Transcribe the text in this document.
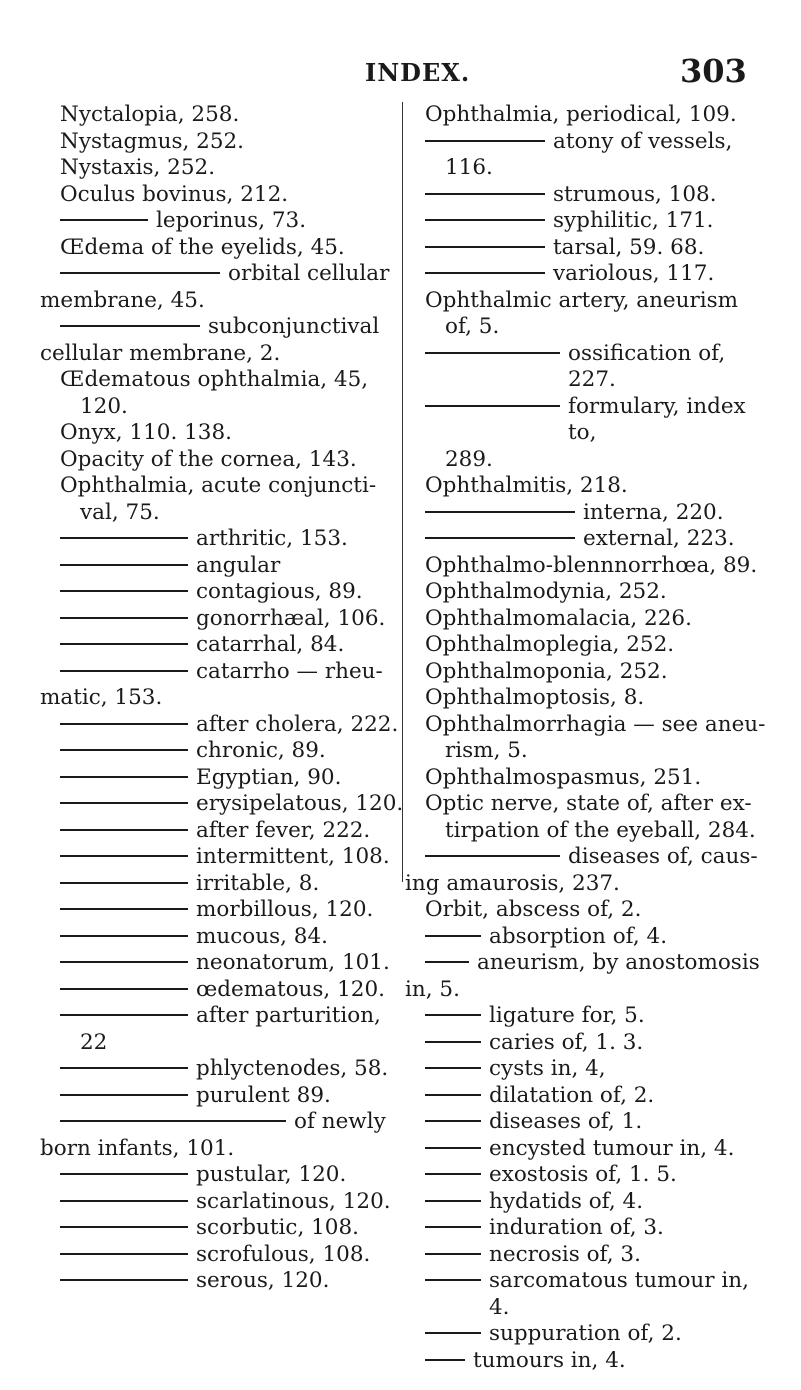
INDEX.	303

Nyctalopia, 258.

Nystagmus, 252.

Nystaxis, 252.

Oculus bovinus, 212.

leporinus, 73.

Œdema of the eyelids, 45.

orbital cellular

membrane, 45.

subconjunctival

cellular membrane, 2.

Œdematous ophthalmia, 45, 120.

Onyx, 110. 138.

Opacity of the cornea, 143.

Ophthalmia, acute conjuncti-val, 75.

arthritic, 153.
angular
contagious, 89.
gonorrhæal, 106.
catarrhal, 84.
catarrho — rheu-

matic, 153.

after cholera, 222.
chronic, 89.
Egyptian, 90.
erysipelatous, 120.
after fever, 222.
intermittent, 108.
irritable, 8.
morbillous, 120.
mucous, 84.
neonatorum, 101.
œdematous, 120.
after parturition,

22

phlyctenodes, 58.
purulent 89.
of newly

born infants, 101.

pustular, 120.
scarlatinous, 120.
scorbutic, 108.
scrofulous, 108.
serous, 120.

Ophthalmia, periodical, 109.

atony of vessels,

116.

strumous, 108.
syphilitic, 171.
tarsal, 59. 68.
variolous, 117.

Ophthalmic artery, aneurism of, 5.

ossification of, 227.
formulary, index to,

289.

Ophthalmitis, 218.

interna, 220.
external, 223.

Ophthalmo-blennnorrhœa, 89.

Ophthalmodynia, 252.

Ophthalmomalacia, 226.

Ophthalmoplegia, 252.

Ophthalmoponia, 252.

Ophthalmoptosis, 8.

Ophthalmorrhagia — see aneu-rism, 5.

Ophthalmospasmus, 251.

Optic nerve, state of, after ex-tirpation of the eyeball, 284.

diseases of, caus-

ing amaurosis, 237.

Orbit, abscess of, 2.

absorption of, 4.
aneurism, by anostomosis

in, 5.

ligature for, 5.
caries of, 1. 3.
cysts in, 4,
dilatation of, 2.
diseases of, 1.
encysted tumour in, 4.
exostosis of, 1. 5.
hydatids of, 4.
induration of, 3.
necrosis of, 3.
sarcomatous tumour in, 4.
suppuration of, 2.
tumours in, 4.
